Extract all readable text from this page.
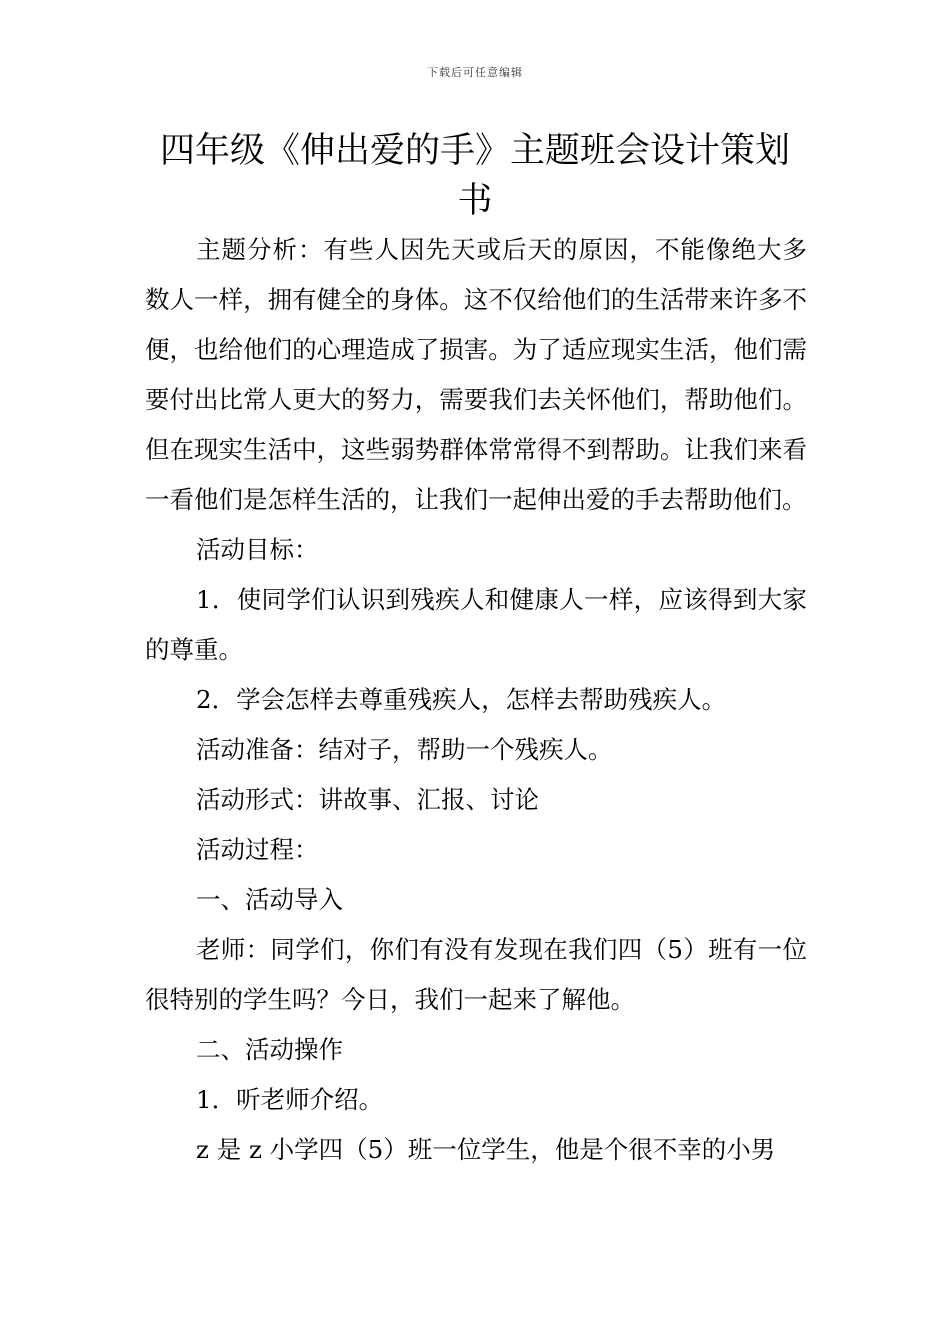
下载后可任意编辑
四年级《伸出爱的手》主题班会设计策划书

主题分析：有些人因先天或后天的原因，不能像绝大多数人一样，拥有健全的身体。这不仅给他们的生活带来许多不便，也给他们的心理造成了损害。为了适应现实生活，他们需要付出比常人更大的努力，需要我们去关怀他们，帮助他们。但在现实生活中，这些弱势群体常常得不到帮助。让我们来看一看他们是怎样生活的，让我们一起伸出爱的手去帮助他们。

活动目标：

1．使同学们认识到残疾人和健康人一样，应该得到大家的尊重。

2．学会怎样去尊重残疾人，怎样去帮助残疾人。

活动准备：结对子，帮助一个残疾人。

活动形式：讲故事、汇报、讨论

活动过程：

一、活动导入

老师：同学们，你们有没有发现在我们四（5）班有一位很特别的学生吗？今日，我们一起来了解他。

二、活动操作

1．听老师介绍。

z 是 z 小学四（5）班一位学生，他是个很不幸的小男
